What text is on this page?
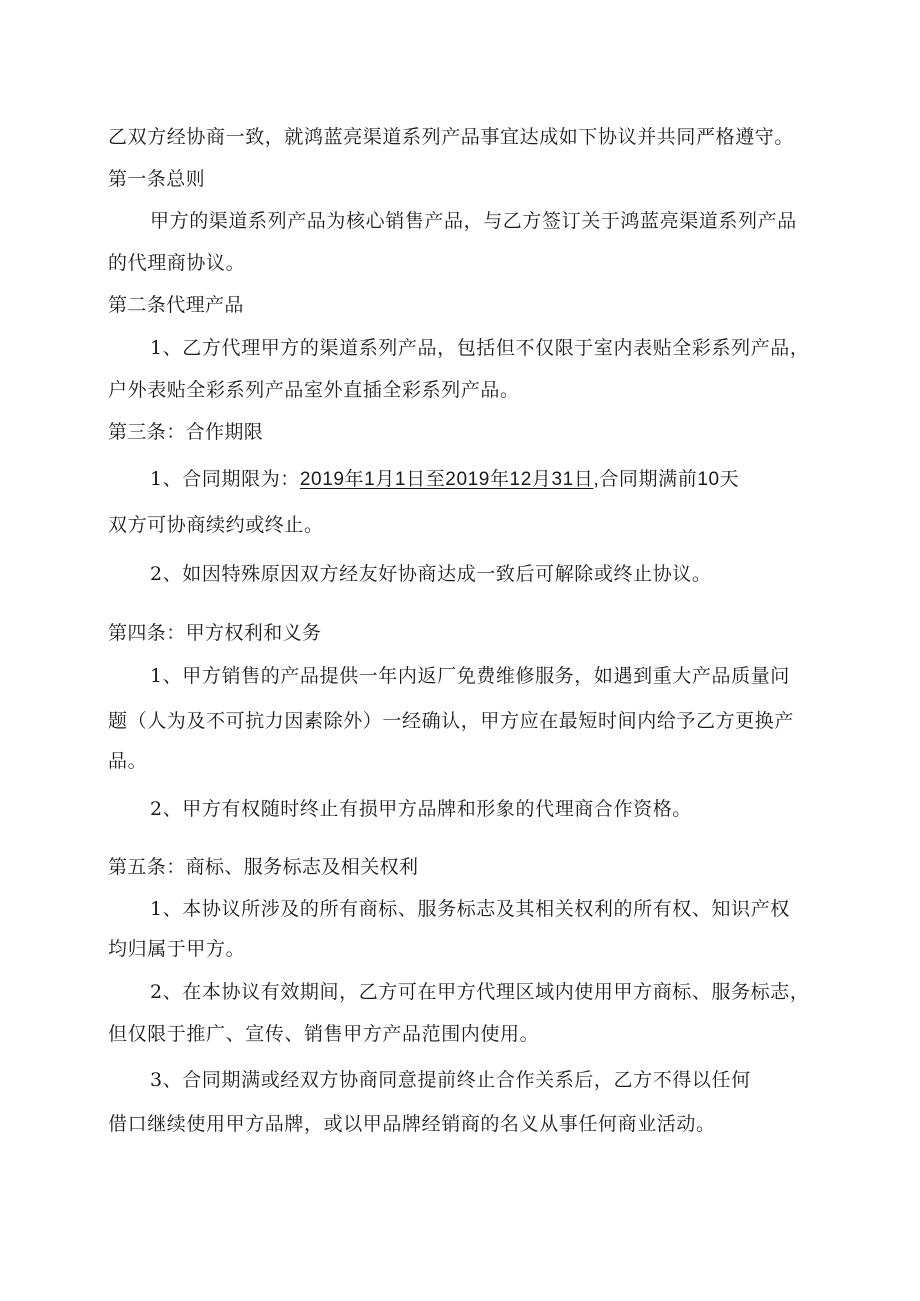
乙双方经协商一致，就鸿蓝亮渠道系列产品事宜达成如下协议并共同严格遵守。
第一条总则
甲方的渠道系列产品为核心销售产品，与乙方签订关于鸿蓝亮渠道系列产品
的代理商协议。
第二条代理产品
1、乙方代理甲方的渠道系列产品，包括但不仅限于室内表贴全彩系列产品，
户外表贴全彩系列产品室外直插全彩系列产品。
第三条：合作期限
1、合同期限为：2019年1月1日至2019年12月31日,合同期满前10天
双方可协商续约或终止。
2、如因特殊原因双方经友好协商达成一致后可解除或终止协议。
第四条：甲方权利和义务
1、甲方销售的产品提供一年内返厂免费维修服务，如遇到重大产品质量问
题（人为及不可抗力因素除外）一经确认，甲方应在最短时间内给予乙方更换产
品。
2、甲方有权随时终止有损甲方品牌和形象的代理商合作资格。
第五条：商标、服务标志及相关权利
1、本协议所涉及的所有商标、服务标志及其相关权利的所有权、知识产权
均归属于甲方。
2、在本协议有效期间，乙方可在甲方代理区域内使用甲方商标、服务标志，
但仅限于推广、宣传、销售甲方产品范围内使用。
3、合同期满或经双方协商同意提前终止合作关系后，乙方不得以任何
借口继续使用甲方品牌，或以甲品牌经销商的名义从事任何商业活动。
